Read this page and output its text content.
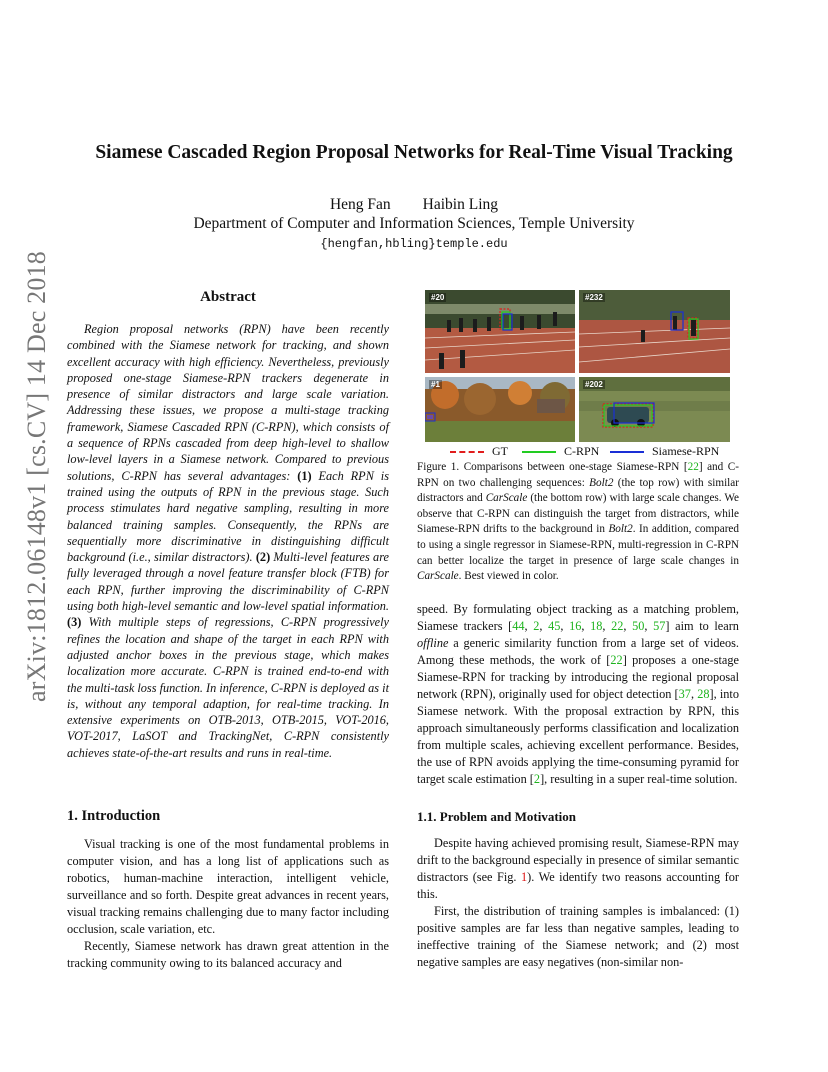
arXiv:1812.06148v1 [cs.CV] 14 Dec 2018
Siamese Cascaded Region Proposal Networks for Real-Time Visual Tracking
Heng Fan Haibin Ling
Department of Computer and Information Sciences, Temple University
{hengfan,hbling}temple.edu
Abstract

Region proposal networks (RPN) have been recently combined with the Siamese network for tracking, and shown excellent accuracy with high efficiency. Nevertheless, previously proposed one-stage Siamese-RPN trackers degenerate in presence of similar distractors and large scale variation. Addressing these issues, we propose a multi-stage tracking framework, Siamese Cascaded RPN (C-RPN), which consists of a sequence of RPNs cascaded from deep high-level to shallow low-level layers in a Siamese network. Compared to previous solutions, C-RPN has several advantages: (1) Each RPN is trained using the outputs of RPN in the previous stage. Such process stimulates hard negative sampling, resulting in more balanced training samples. Consequently, the RPNs are sequentially more discriminative in distinguishing difficult background (i.e., similar distractors). (2) Multi-level features are fully leveraged through a novel feature transfer block (FTB) for each RPN, further improving the discriminability of C-RPN using both high-level semantic and low-level spatial information. (3) With multiple steps of regressions, C-RPN progressively refines the location and shape of the target in each RPN with adjusted anchor boxes in the previous stage, which makes localization more accurate. C-RPN is trained end-to-end with the multi-task loss function. In inference, C-RPN is deployed as it is, without any temporal adaption, for real-time tracking. In extensive experiments on OTB-2013, OTB-2015, VOT-2016, VOT-2017, LaSOT and TrackingNet, C-RPN consistently achieves state-of-the-art results and runs in real-time.

1. Introduction

Visual tracking is one of the most fundamental problems in computer vision, and has a long list of applications such as robotics, human-machine interaction, intelligent vehicle, surveillance and so forth. Despite great advances in recent years, visual tracking remains challenging due to many factor including occlusion, scale variation, etc.

Recently, Siamese network has drawn great attention in the tracking community owing to its balanced accuracy and

#20	#232
#1	#202
GT	C-RPN	Siamese-RPN
Figure 1. Comparisons between one-stage Siamese-RPN [22] and C-RPN on two challenging sequences: Bolt2 (the top row) with similar distractors and CarScale (the bottom row) with large scale changes. We observe that C-RPN can distinguish the target from distractors, while Siamese-RPN drifts to the background in Bolt2. In addition, compared to using a single regressor in Siamese-RPN, multi-regression in C-RPN can better localize the target in presence of large scale changes in CarScale. Best viewed in color.

speed. By formulating object tracking as a matching problem, Siamese trackers [44, 2, 45, 16, 18, 22, 50, 57] aim to learn offline a generic similarity function from a large set of videos. Among these methods, the work of [22] proposes a one-stage Siamese-RPN for tracking by introducing the regional proposal network (RPN), originally used for object detection [37, 28], into Siamese network. With the proposal extraction by RPN, this approach simultaneously performs classification and localization from multiple scales, achieving excellent performance. Besides, the use of RPN avoids applying the time-consuming pyramid for target scale estimation [2], resulting in a super real-time solution.

1.1. Problem and Motivation

Despite having achieved promising result, Siamese-RPN may drift to the background especially in presence of similar semantic distractors (see Fig. 1). We identify two reasons accounting for this.

First, the distribution of training samples is imbalanced: (1) positive samples are far less than negative samples, leading to ineffective training of the Siamese network; and (2) most negative samples are easy negatives (non-similar non-
